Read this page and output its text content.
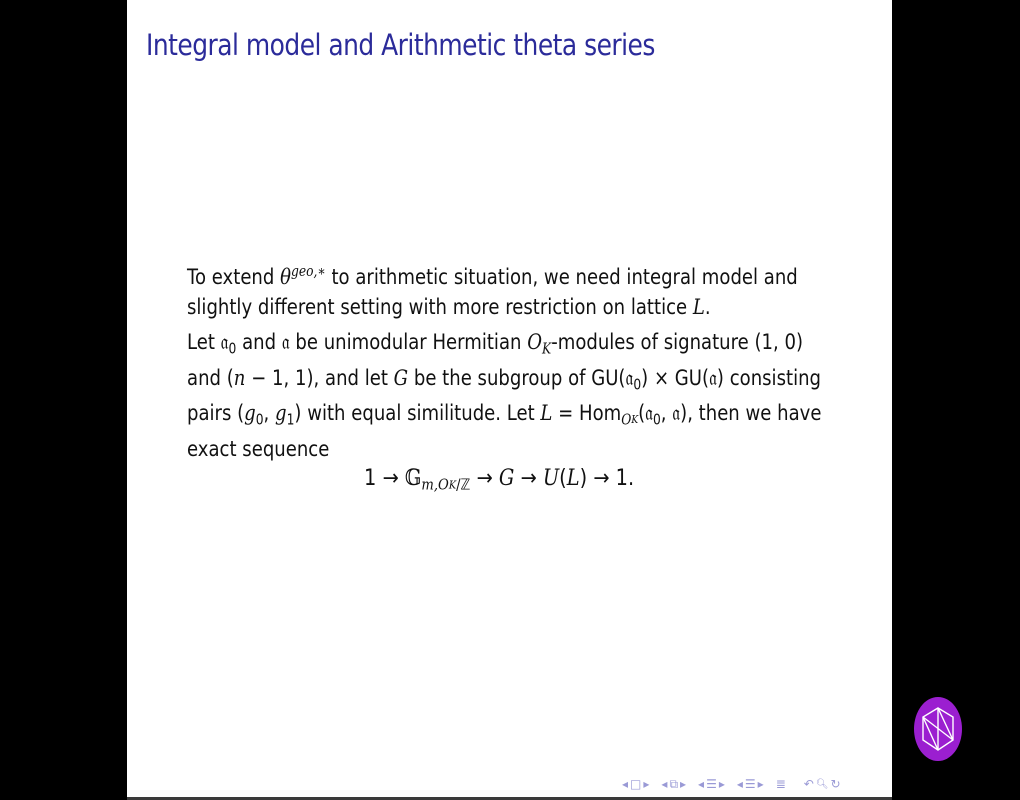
Integral model and Arithmetic theta series
To extend $\theta^{geo,∗}$ to arithmetic situation, we need integral model and
slightly different setting with more restriction on lattice L.
Let 𝔞$_0$ and 𝔞 be unimodular Hermitian $O_K$-modules of signature (1, 0)
and (n − 1, 1), and let G be the subgroup of GU(𝔞$_0$) × GU(𝔞) consisting
pairs ($g_0$, $g_1$) with equal similitude. Let L = Hom$_{OK}$(𝔞$_0$, 𝔞), then we have
exact sequence
1 → 𝔾$_{m,OK/ℤ}$ → G → U(L) → 1.
◂ □ ▸ ◂ ⧉ ▸ ◂ ☰ ▸ ◂ ☰ ▸ ≣ ↶ 🔍︎ ↻
